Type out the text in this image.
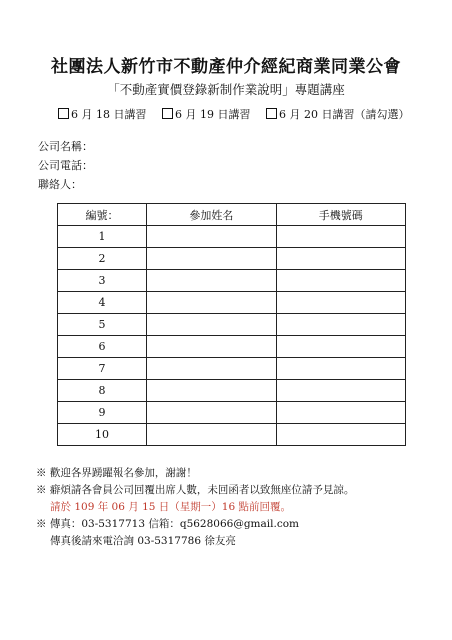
社團法人新竹市不動產仲介經紀商業同業公會
「不動產實價登錄新制作業說明」專題講座
6 月 18 日講習	6 月 19 日講習	6 月 20 日講習（請勾選）
公司名稱：
公司電話：
聯絡人：
編號：	參加姓名	手機號碼
1		
2		
3		
4		
5		
6		
7		
8		
9		
10		
※ 歡迎各界踴躍報名參加，謝謝！
※ 癖煩請各會員公司回覆出席人數，未回函者以致無座位請予見諒。
請於 109 年 06 月 15 日（星期一）16 點前回覆。
※ 傳真：03-5317713 信箱：q5628066@gmail.com
傳真後請來電洽詢 03-5317786 徐友亮
